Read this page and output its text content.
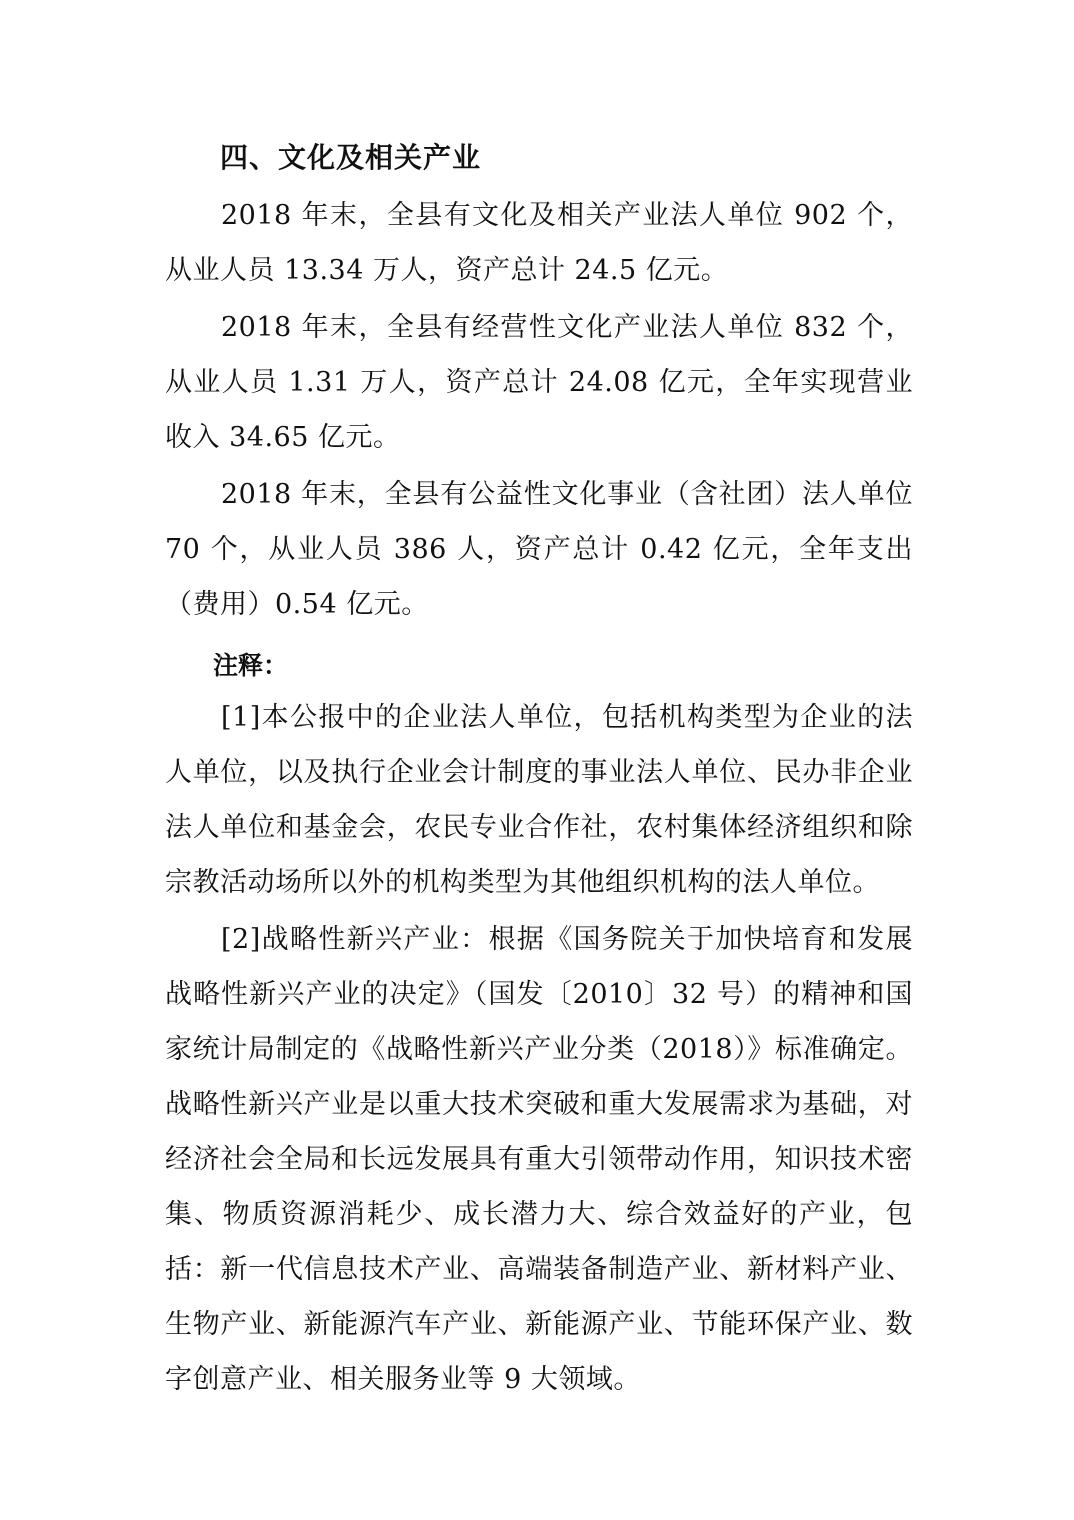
四、文化及相关产业

2018 年末，全县有文化及相关产业法人单位 902 个，从业人员 13.34 万人，资产总计 24.5 亿元。

2018 年末，全县有经营性文化产业法人单位 832 个，从业人员 1.31 万人，资产总计 24.08 亿元，全年实现营业收入 34.65 亿元。

2018 年末，全县有公益性文化事业（含社团）法人单位 70 个，从业人员 386 人，资产总计 0.42 亿元，全年支出（费用）0.54 亿元。

注释：

[1]本公报中的企业法人单位，包括机构类型为企业的法人单位，以及执行企业会计制度的事业法人单位、民办非企业法人单位和基金会，农民专业合作社，农村集体经济组织和除宗教活动场所以外的机构类型为其他组织机构的法人单位。

[2]战略性新兴产业：根据《国务院关于加快培育和发展战略性新兴产业的决定》（国发〔2010〕32 号）的精神和国家统计局制定的《战略性新兴产业分类（2018）》标准确定。战略性新兴产业是以重大技术突破和重大发展需求为基础，对经济社会全局和长远发展具有重大引领带动作用，知识技术密集、物质资源消耗少、成长潜力大、综合效益好的产业，包括：新一代信息技术产业、高端装备制造产业、新材料产业、生物产业、新能源汽车产业、新能源产业、节能环保产业、数字创意产业、相关服务业等 9 大领域。
